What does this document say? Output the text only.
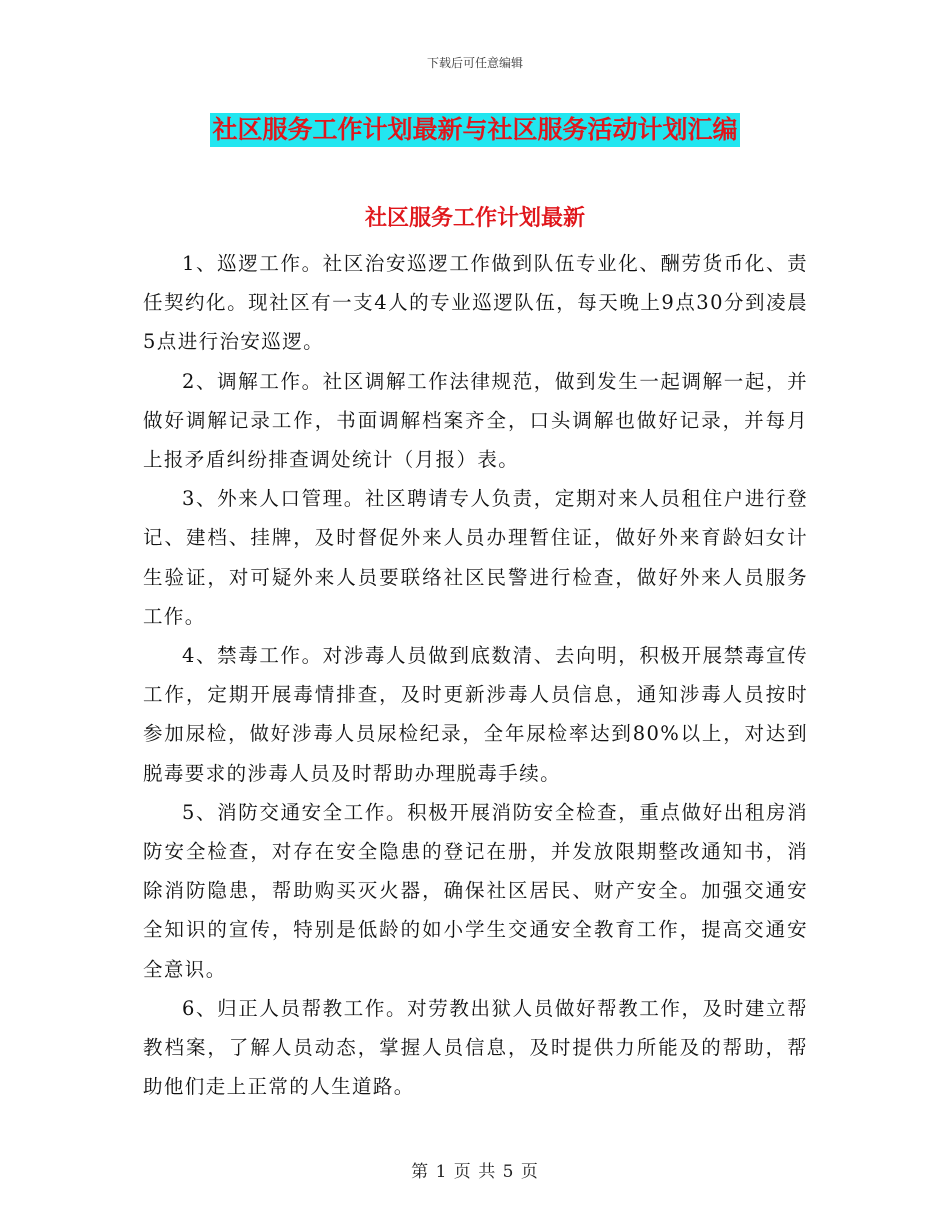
下载后可任意编辑
社区服务工作计划最新与社区服务活动计划汇编
社区服务工作计划最新

1、巡逻工作。社区治安巡逻工作做到队伍专业化、酬劳货币化、责任契约化。现社区有一支4人的专业巡逻队伍，每天晚上9点30分到凌晨5点进行治安巡逻。

2、调解工作。社区调解工作法律规范，做到发生一起调解一起，并做好调解记录工作，书面调解档案齐全，口头调解也做好记录，并每月上报矛盾纠纷排查调处统计（月报）表。

3、外来人口管理。社区聘请专人负责，定期对来人员租住户进行登记、建档、挂牌，及时督促外来人员办理暂住证，做好外来育龄妇女计生验证，对可疑外来人员要联络社区民警进行检查，做好外来人员服务工作。

4、禁毒工作。对涉毒人员做到底数清、去向明，积极开展禁毒宣传工作，定期开展毒情排查，及时更新涉毒人员信息，通知涉毒人员按时参加尿检，做好涉毒人员尿检纪录，全年尿检率达到80%以上，对达到脱毒要求的涉毒人员及时帮助办理脱毒手续。

5、消防交通安全工作。积极开展消防安全检查，重点做好出租房消防安全检查，对存在安全隐患的登记在册，并发放限期整改通知书，消除消防隐患，帮助购买灭火器，确保社区居民、财产安全。加强交通安全知识的宣传，特别是低龄的如小学生交通安全教育工作，提高交通安全意识。

6、归正人员帮教工作。对劳教出狱人员做好帮教工作，及时建立帮教档案，了解人员动态，掌握人员信息，及时提供力所能及的帮助，帮助他们走上正常的人生道路。

第 1 页 共 5 页
